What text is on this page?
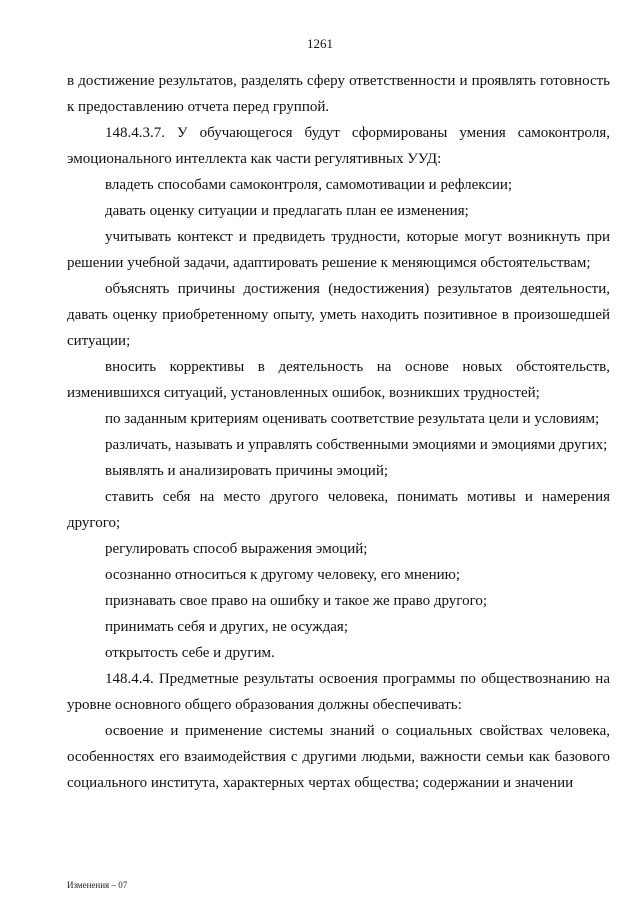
1261

в достижение результатов, разделять сферу ответственности и проявлять готовность к предоставлению отчета перед группой.

148.4.3.7. У обучающегося будут сформированы умения самоконтроля, эмоционального интеллекта как части регулятивных УУД:

владеть способами самоконтроля, самомотивации и рефлексии;

давать оценку ситуации и предлагать план ее изменения;

учитывать контекст и предвидеть трудности, которые могут возникнуть при решении учебной задачи, адаптировать решение к меняющимся обстоятельствам;

объяснять причины достижения (недостижения) результатов деятельности, давать оценку приобретенному опыту, уметь находить позитивное в произошедшей ситуации;

вносить коррективы в деятельность на основе новых обстоятельств, изменившихся ситуаций, установленных ошибок, возникших трудностей;

по заданным критериям оценивать соответствие результата цели и условиям;

различать, называть и управлять собственными эмоциями и эмоциями других;

выявлять и анализировать причины эмоций;

ставить себя на место другого человека, понимать мотивы и намерения другого;

регулировать способ выражения эмоций;

осознанно относиться к другому человеку, его мнению;

признавать свое право на ошибку и такое же право другого;

принимать себя и других, не осуждая;

открытость себе и другим.

148.4.4. Предметные результаты освоения программы по обществознанию на уровне основного общего образования должны обеспечивать:

освоение и применение системы знаний о социальных свойствах человека, особенностях его взаимодействия с другими людьми, важности семьи как базового социального института, характерных чертах общества; содержании и значении

Изменения – 07
